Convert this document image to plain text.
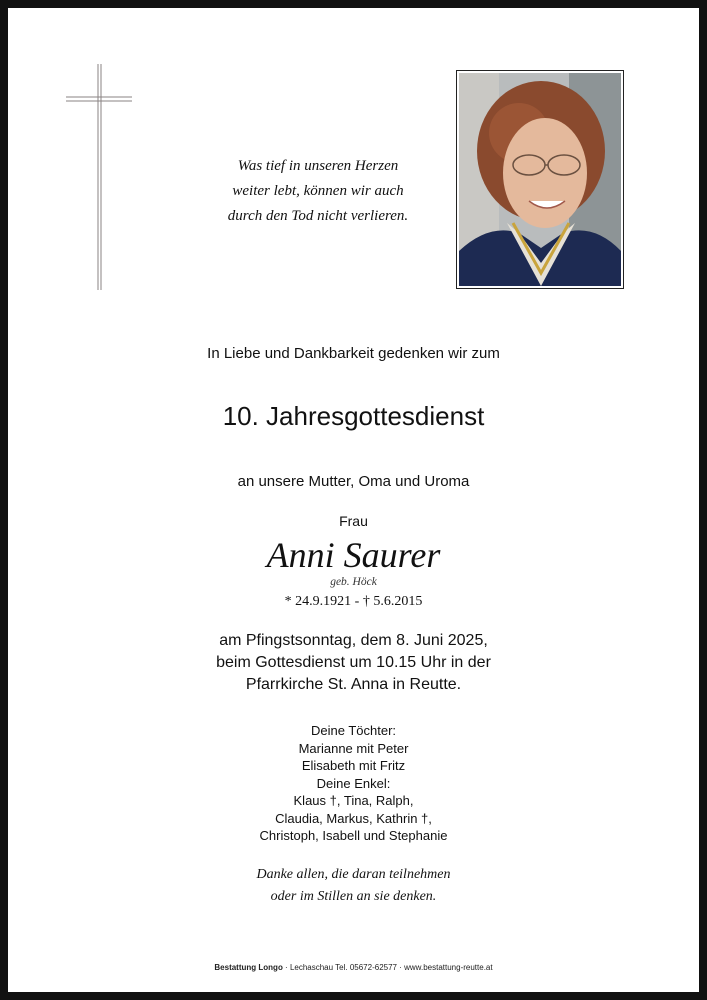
Was tief in unseren Herzen
weiter lebt, können wir auch
durch den Tod nicht verlieren.
In Liebe und Dankbarkeit gedenken wir zum
10. Jahresgottesdienst
an unsere Mutter, Oma und Uroma
Frau
Anni Saurer
geb. Höck
* 24.9.1921 - † 5.6.2015
am Pfingstsonntag, dem 8. Juni 2025,
beim Gottesdienst um 10.15 Uhr in der
Pfarrkirche St. Anna in Reutte.
Deine Töchter:
Marianne mit Peter
Elisabeth mit Fritz
Deine Enkel:
Klaus †, Tina, Ralph,
Claudia, Markus, Kathrin †,
Christoph, Isabell und Stephanie
Danke allen, die daran teilnehmen
oder im Stillen an sie denken.
Bestattung Longo · Lechaschau Tel. 05672-62577 · www.bestattung-reutte.at
